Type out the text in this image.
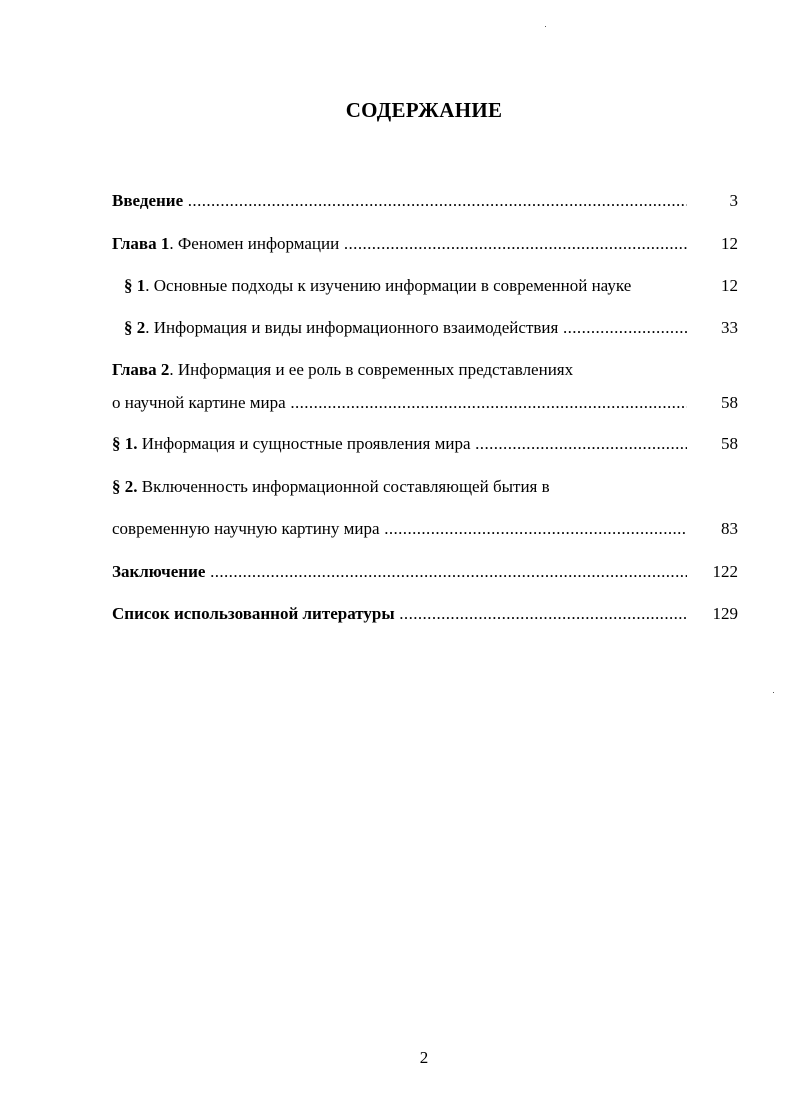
СОДЕРЖАНИЕ
Введение .....	3
Глава 1. Феномен информации .....	12
§ 1. Основные подходы к изучению информации в современной науке	12
§ 2. Информация и виды информационного взаимодействия .....	33
Глава 2. Информация и ее роль в современных представлениях
о научной картине мира .....	58
§ 1. Информация и сущностные проявления мира .....	58
§ 2. Включенность информационной составляющей бытия в
современную научную картину мира .....	83
Заключение .....	122
Список использованной литературы .....	129
2
